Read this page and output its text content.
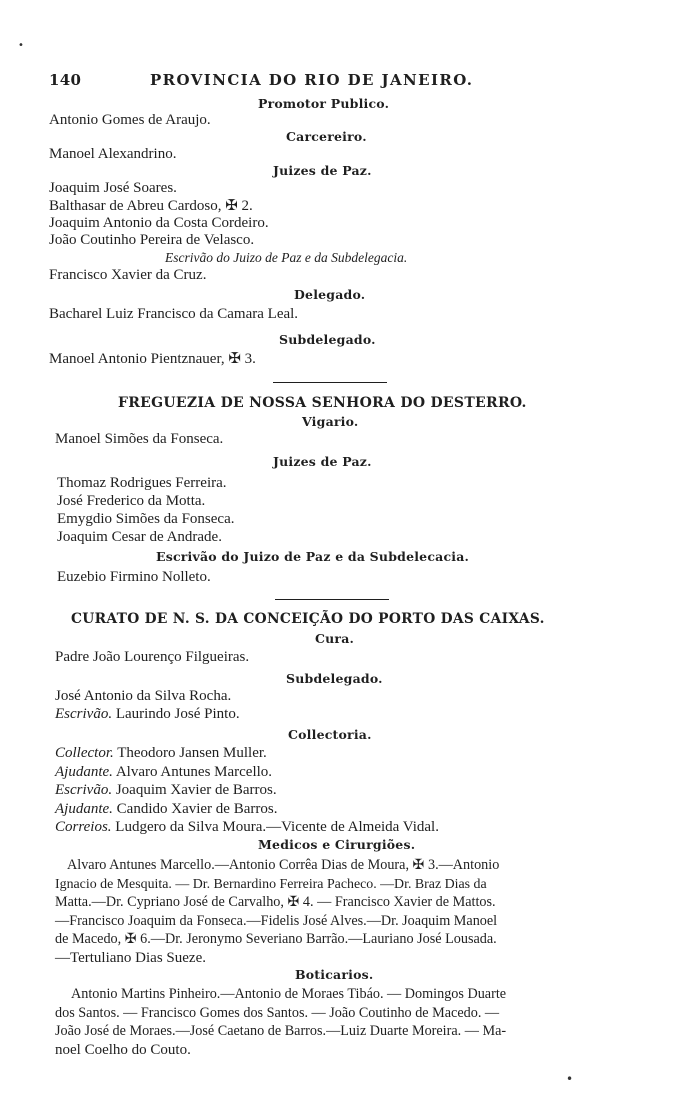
•
•
140	PROVINCIA DO RIO DE JANEIRO.
Promotor Publico.
Antonio Gomes de Araujo.
Carcereiro.
Manoel Alexandrino.
Juizes de Paz.
Joaquim José Soares.
Balthasar de Abreu Cardoso, ✠ 2.
Joaquim Antonio da Costa Cordeiro.
João Coutinho Pereira de Velasco.
Escrivão do Juizo de Paz e da Subdelegacia.
Francisco Xavier da Cruz.
Delegado.
Bacharel Luiz Francisco da Camara Leal.
Subdelegado.
Manoel Antonio Pientznauer, ✠ 3.
FREGUEZIA DE NOSSA SENHORA DO DESTERRO.
Vigario.
Manoel Simões da Fonseca.
Juizes de Paz.
Thomaz Rodrigues Ferreira.
José Frederico da Motta.
Emygdio Simões da Fonseca.
Joaquim Cesar de Andrade.
Escrivão do Juizo de Paz e da Subdelecacia.
Euzebio Firmino Nolleto.
CURATO DE N. S. DA CONCEIÇÃO DO PORTO DAS CAIXAS.
Cura.
Padre João Lourenço Filgueiras.
Subdelegado.
José Antonio da Silva Rocha.
Escrivão. Laurindo José Pinto.
Collectoria.
Collector. Theodoro Jansen Muller.
Ajudante. Alvaro Antunes Marcello.
Escrivão. Joaquim Xavier de Barros.
Ajudante. Candido Xavier de Barros.
Correios. Ludgero da Silva Moura.—Vicente de Almeida Vidal.
Medicos e Cirurgiões.
Alvaro Antunes Marcello.—Antonio Corrêa Dias de Moura, ✠ 3.—Antonio
Ignacio de Mesquita. — Dr. Bernardino Ferreira Pacheco. —Dr. Braz Dias da
Matta.—Dr. Cypriano José de Carvalho, ✠ 4. — Francisco Xavier de Mattos.
—Francisco Joaquim da Fonseca.—Fidelis José Alves.—Dr. Joaquim Manoel
de Macedo, ✠ 6.—Dr. Jeronymo Severiano Barrão.—Lauriano José Lousada.
—Tertuliano Dias Sueze.
Boticarios.
Antonio Martins Pinheiro.—Antonio de Moraes Tibáo. — Domingos Duarte
dos Santos. — Francisco Gomes dos Santos. — João Coutinho de Macedo. —
João José de Moraes.—José Caetano de Barros.—Luiz Duarte Moreira. — Ma-
noel Coelho do Couto.
